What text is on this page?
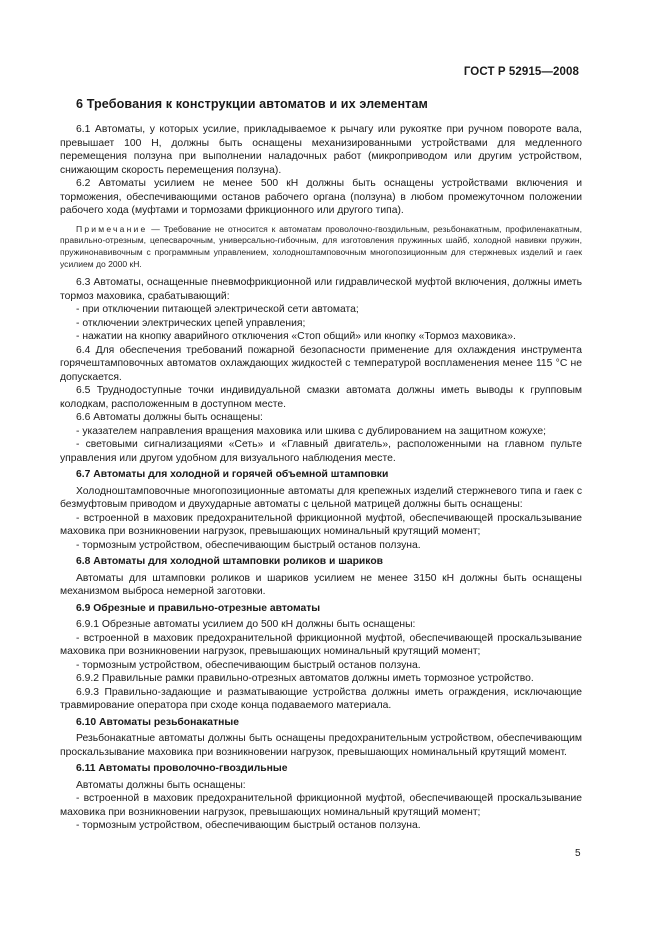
ГОСТ Р 52915—2008
6 Требования к конструкции автоматов и их элементам

6.1 Автоматы, у которых усилие, прикладываемое к рычагу или рукоятке при ручном повороте вала, превышает 100 Н, должны быть оснащены механизированными устройствами для медленного перемещения ползуна при выполнении наладочных работ (микроприводом или другим устройством, снижающим скорость перемещения ползуна).

6.2 Автоматы усилием не менее 500 кН должны быть оснащены устройствами включения и торможения, обеспечивающими останов рабочего органа (ползуна) в любом промежуточном положении рабочего хода (муфтами и тормозами фрикционного или другого типа).

Примечание — Требование не относится к автоматам проволочно-гвоздильным, резьбонакатным, профиленакатным, правильно-отрезным, цепесварочным, универсально-гибочным, для изготовления пружинных шайб, холодной навивки пружин, пружинонавивочным с программным управлением, холодноштамповочным многопозиционным для стержневых изделий и гаек усилием до 2000 кН.

6.3 Автоматы, оснащенные пневмофрикционной или гидравлической муфтой включения, должны иметь тормоз маховика, срабатывающий:

- при отключении питающей электрической сети автомата;
- отключении электрических цепей управления;
- нажатии на кнопку аварийного отключения «Стоп общий» или кнопку «Тормоз маховика».

6.4 Для обеспечения требований пожарной безопасности применение для охлаждения инструмента горячештамповочных автоматов охлаждающих жидкостей с температурой воспламенения менее 115 °С не допускается.

6.5 Труднодоступные точки индивидуальной смазки автомата должны иметь выводы к групповым колодкам, расположенным в доступном месте.

6.6 Автоматы должны быть оснащены:

- указателем направления вращения маховика или шкива с дублированием на защитном кожухе;

- световыми сигнализациями «Сеть» и «Главный двигатель», расположенными на главном пульте управления или другом удобном для визуального наблюдения месте.

6.7 Автоматы для холодной и горячей объемной штамповки

Холодноштамповочные многопозиционные автоматы для крепежных изделий стержневого типа и гаек с безмуфтовым приводом и двухударные автоматы с цельной матрицей должны быть оснащены:

- встроенной в маховик предохранительной фрикционной муфтой, обеспечивающей проскальзывание маховика при возникновении нагрузок, превышающих номинальный крутящий момент;

- тормозным устройством, обеспечивающим быстрый останов ползуна.

6.8 Автоматы для холодной штамповки роликов и шариков

Автоматы для штамповки роликов и шариков усилием не менее 3150 кН должны быть оснащены механизмом выброса немерной заготовки.

6.9 Обрезные и правильно-отрезные автоматы

6.9.1 Обрезные автоматы усилием до 500 кН должны быть оснащены:

- встроенной в маховик предохранительной фрикционной муфтой, обеспечивающей проскальзывание маховика при возникновении нагрузок, превышающих номинальный крутящий момент;

- тормозным устройством, обеспечивающим быстрый останов ползуна.

6.9.2 Правильные рамки правильно-отрезных автоматов должны иметь тормозное устройство.

6.9.3 Правильно-задающие и разматывающие устройства должны иметь ограждения, исключающие травмирование оператора при сходе конца подаваемого материала.

6.10 Автоматы резьбонакатные

Резьбонакатные автоматы должны быть оснащены предохранительным устройством, обеспечивающим проскальзывание маховика при возникновении нагрузок, превышающих номинальный крутящий момент.

6.11 Автоматы проволочно-гвоздильные

Автоматы должны быть оснащены:

- встроенной в маховик предохранительной фрикционной муфтой, обеспечивающей проскальзывание маховика при возникновении нагрузок, превышающих номинальный крутящий момент;

- тормозным устройством, обеспечивающим быстрый останов ползуна.

5
